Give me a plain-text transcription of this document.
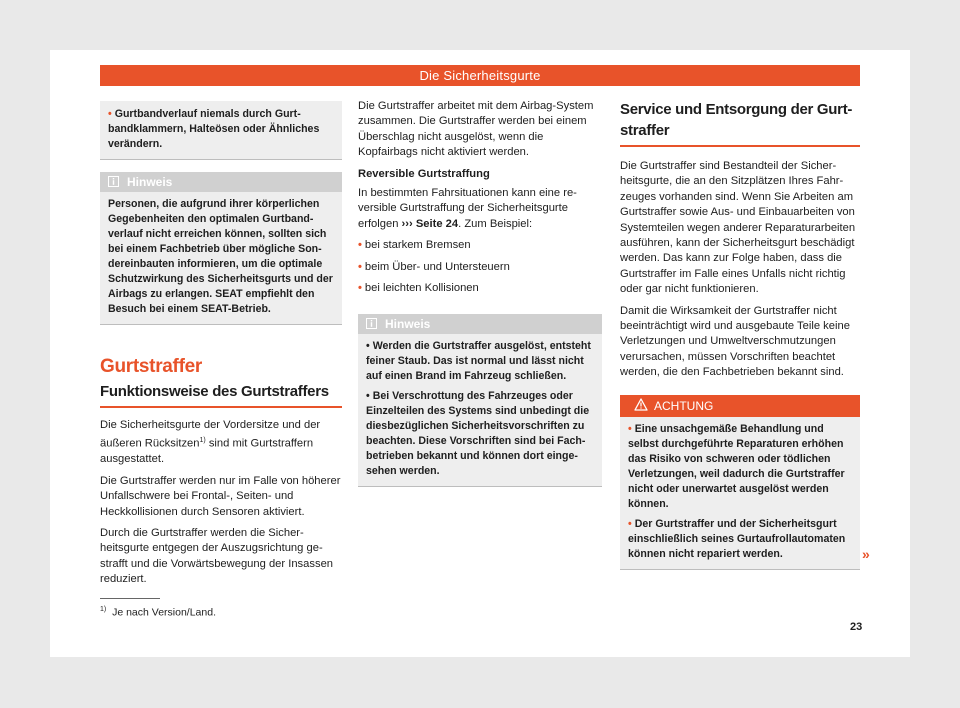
Die Sicherheitsgurte
• Gurtbandverlauf niemals durch Gurtbandklammern, Halteösen oder Ähnliches verändern.
Hinweis
Personen, die aufgrund ihrer körperlichen Gegebenheiten den optimalen Gurtbandverlauf nicht erreichen können, sollten sich bei einem Fachbetrieb über mögliche Sondereinbauten informieren, um die optimale Schutzwirkung des Sicherheitsgurts und der Airbags zu erlangen. SEAT empfiehlt den Besuch bei einem SEAT-Betrieb.
Gurtstraffer
Funktionsweise des Gurtstraffers

Die Sicherheitsgurte der Vordersitze und der äußeren Rücksitzen$^{1)}$ sind mit Gurtstraffern ausgestattet.

Die Gurtstraffer werden nur im Falle von höherer Unfallschwere bei Frontal-, Seiten- und Heckkollisionen durch Sensoren aktiviert.

Durch die Gurtstraffer werden die Sicherheitsgurte entgegen der Auszugsrichtung gestrafft und die Vorwärtsbewegung der Insassen reduziert.

Die Gurtstraffer arbeitet mit dem Airbag-System zusammen. Die Gurtstraffer werden bei einem Überschlag nicht ausgelöst, wenn die Kopfairbags nicht aktiviert werden.

Reversible Gurtstraffung

In bestimmten Fahrsituationen kann eine reversible Gurtstraffung der Sicherheitsgurte erfolgen ››› Seite 24. Zum Beispiel:

• bei starkem Bremsen
• beim Über- und Untersteuern
• bei leichten Kollisionen
Hinweis
• Werden die Gurtstraffer ausgelöst, entsteht feiner Staub. Das ist normal und lässt nicht auf einen Brand im Fahrzeug schließen.
• Bei Verschrottung des Fahrzeuges oder Einzelteilen des Systems sind unbedingt die diesbezüglichen Sicherheitsvorschriften zu beachten. Diese Vorschriften sind bei Fachbetrieben bekannt und können dort eingesehen werden.
Service und Entsorgung der Gurtstraffer

Die Gurtstraffer sind Bestandteil der Sicherheitsgurte, die an den Sitzplätzen Ihres Fahrzeuges vorhanden sind. Wenn Sie Arbeiten am Gurtstraffer sowie Aus- und Einbauarbeiten von Systemteilen wegen anderer Reparaturarbeiten ausführen, kann der Sicherheitsgurt beschädigt werden. Das kann zur Folge haben, dass die Gurtstraffer im Falle eines Unfalls nicht richtig oder gar nicht funktionieren.

Damit die Wirksamkeit der Gurtstraffer nicht beeinträchtigt wird und ausgebaute Teile keine Verletzungen und Umweltverschmutzungen verursachen, müssen Vorschriften beachtet werden, die den Fachbetrieben bekannt sind.

ACHTUNG
• Eine unsachgemäße Behandlung und selbst durchgeführte Reparaturen erhöhen das Risiko von schweren oder tödlichen Verletzungen, weil dadurch die Gurtstraffer nicht oder unerwartet ausgelöst werden können.
• Der Gurtstraffer und der Sicherheitsgurt einschließlich seines Gurtaufrollautomaten können nicht repariert werden.	»
$^{1)}$ Je nach Version/Land.
23
